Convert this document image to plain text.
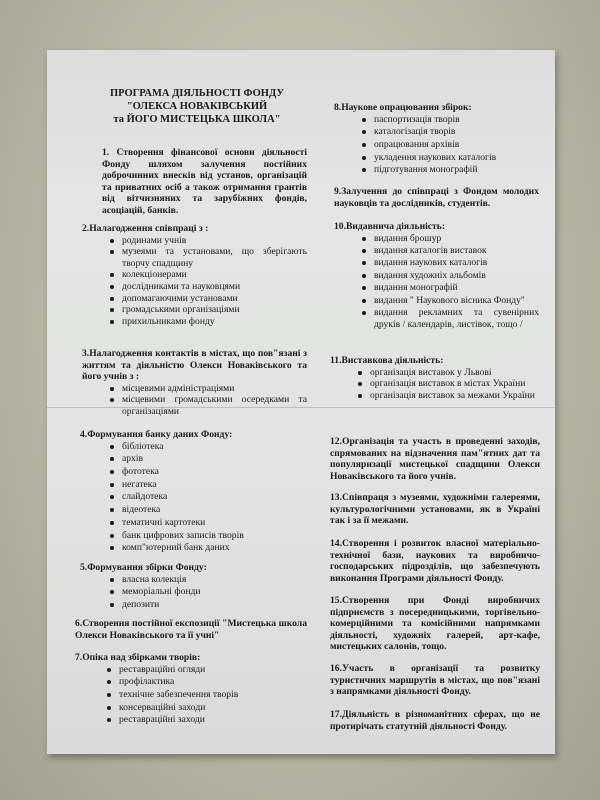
ПРОГРАМА ДІЯЛЬНОСТІ ФОНДУ
"ОЛЕКСА НОВАКІВСЬКИЙ
та ЙОГО МИСТЕЦЬКА ШКОЛА"
1. Створення фінансової основи діяльності Фонду шляхом залучення постійних доброчинних внесків від установ, організацій та приватних осіб а також отримання грантів від вітчизняних та зарубіжних фондів, асоціацій, банків.
2.Налагодження співпраці з :
родинами учнів
музеями та установами, що зберігають творчу спадщину
колекціонерами
дослідниками та науковцями
допомагаючими установами
громадськими організаціями
прихильниками фонду
3.Налагодження контактів в містах, що пов"язані з життям та діяльністю Олекси Новаківського та його учнів з :
місцевими адміністраціями
місцевими громадськими осередками та організаціями
4.Формування банку даних Фонду:
бібліотека
архів
фототека
негатека
слайдотека
відеотека
тематичні картотеки
банк цифрових записів творів
комп"ютерний банк даних
5.Формування збірки Фонду:
власна колекція
меморіальні фонди
депозити
6.Створення постійної експозиції "Мистецька школа Олекси Новаківського та її учні"
7.Опіка над збірками творів:
реставраційні огляди
профілактика
технічне забезпечення творів
консерваційні заходи
реставраційні заходи
8.Наукове опрацювання збірок:
паспортизація творів
каталогізація творів
опрацювання архівів
укладення наукових каталогів
підготування монографій
9.Залучення до співпраці з Фондом молодих науковців та дослідників, студентів.
10.Видавнича діяльність:
видання брошур
видання каталогів виставок
видання наукових каталогів
видання художніх альбомів
видання монографій
видання " Наукового вісника Фонду"
видання рекламних та сувенірних друків / календарів, листівок, тощо /
11.Виставкова діяльність:
організація виставок у Львові
організація виставок в містах України
організація виставок за межами України
12.Організація та участь в проведенні заходів, спрямованих на відзначення пам"ятних дат та популяризації мистецької спадщини Олекси Новаківського та його учнів.
13.Співпраця з музеями, художніми галереями, культурологічними установами, як в Україні так і за її межами.
14.Створення і розвиток власної матеріально-технічної бази, наукових та виробничо-господарських підрозділів, що забезпечують виконання Програми діяльності Фонду.
15.Створення при Фонді виробничих підприємств з посередницькими, торгівельно-комерційними та комісійними напрямками діяльності, художніх галерей, арт-кафе, мистецьких салонів, тощо.
16.Участь в організації та розвитку туристичних маршрутів в містах, що пов"язані з напрямками діяльності Фонду.
17.Діяльність в різноманітних сферах, що не протирічать статутній діяльності Фонду.
